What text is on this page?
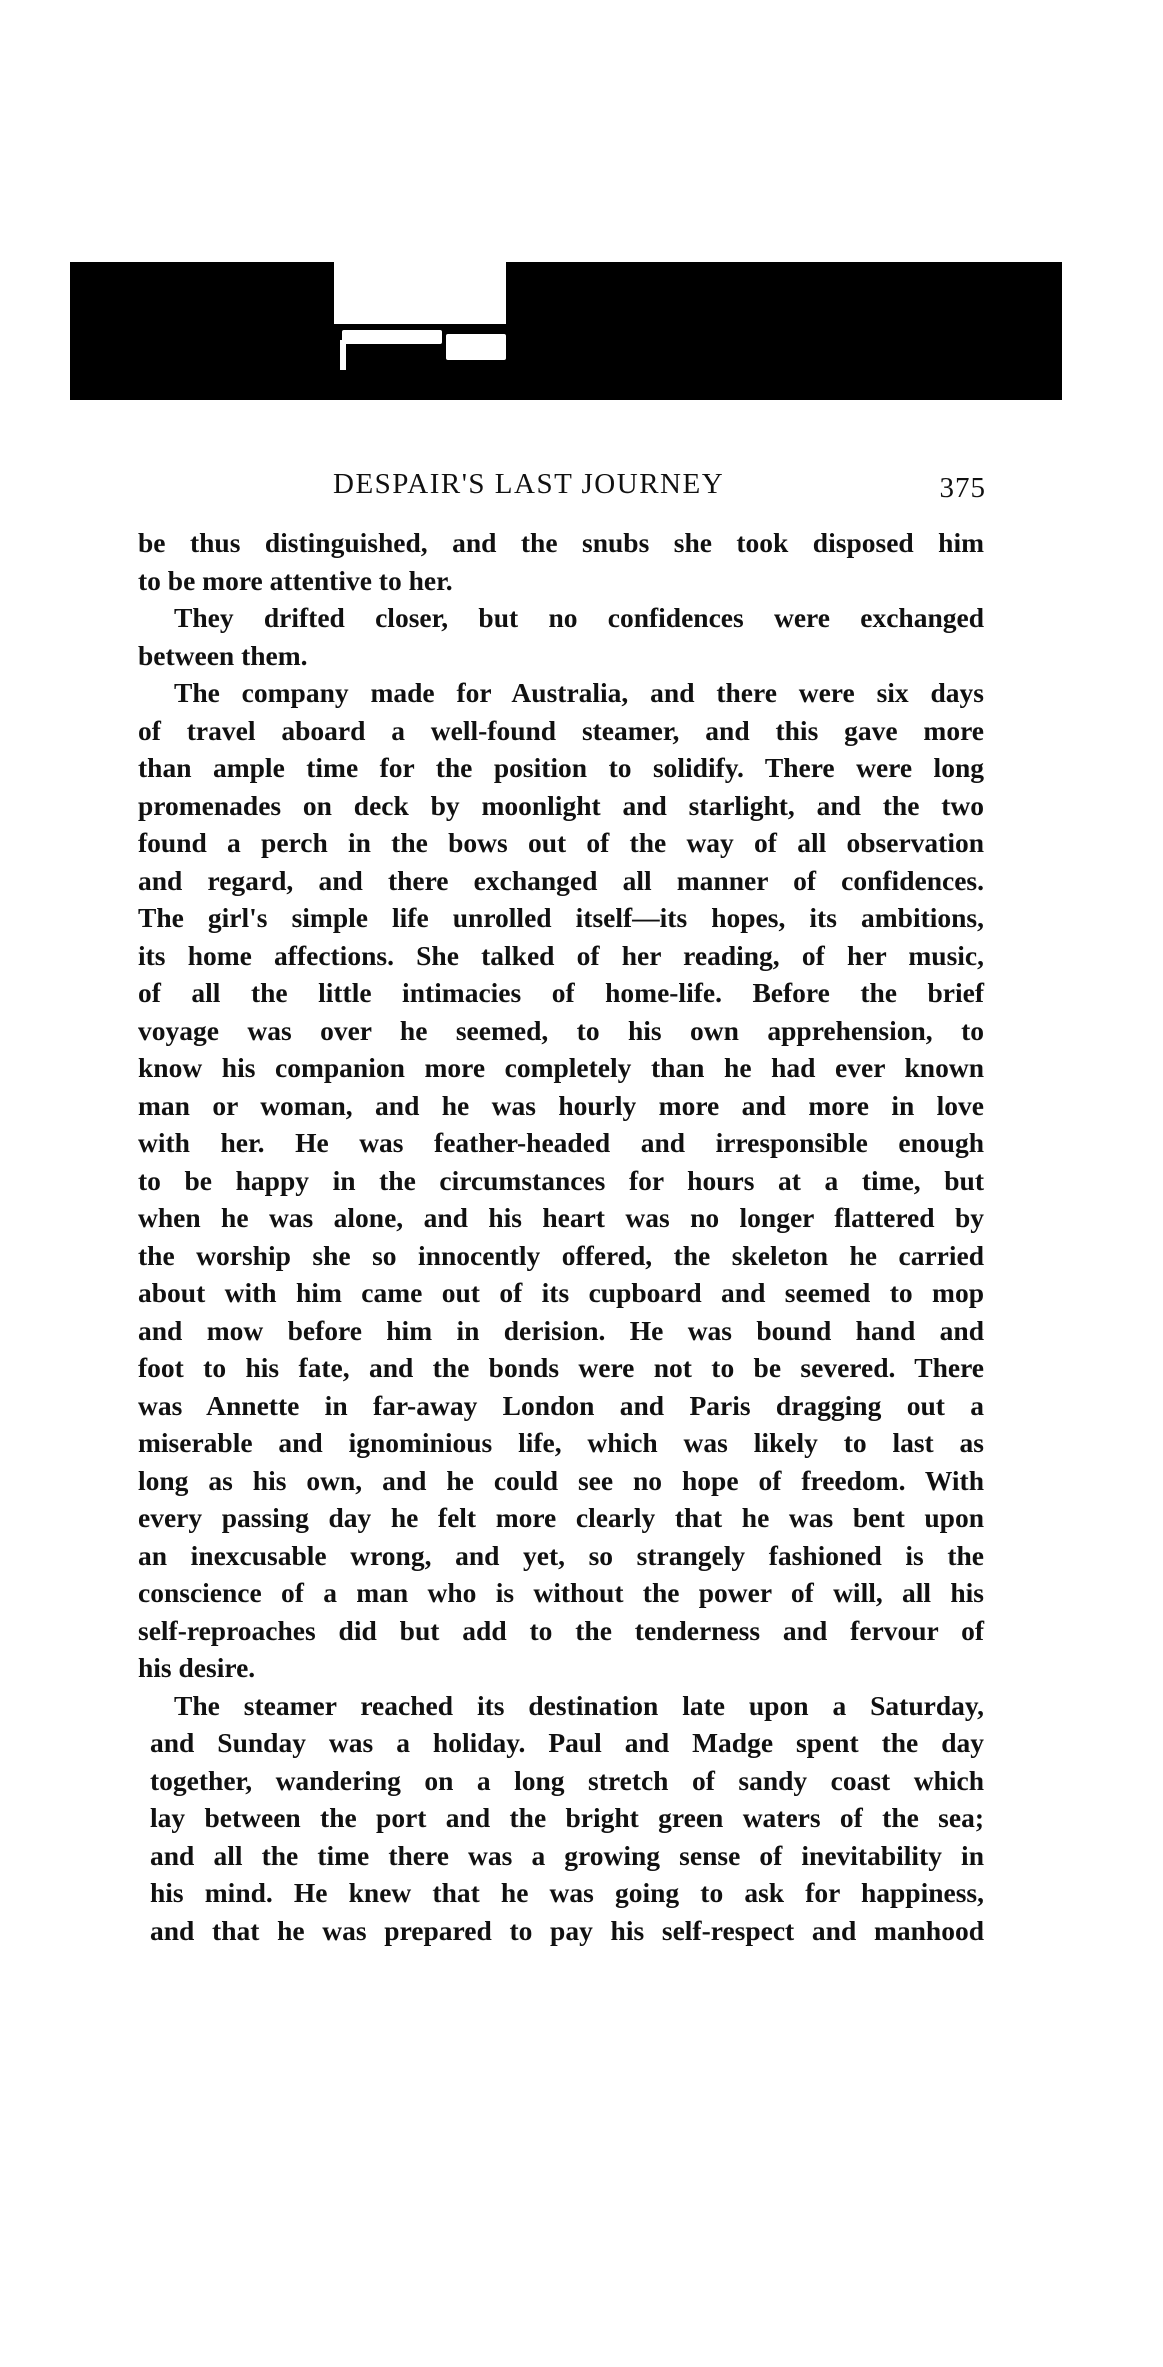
DESPAIR'S LAST JOURNEY	375
be thus distinguished, and the snubs she took disposed him
to be more attentive to her.
They drifted closer, but no confidences were exchanged
between them.
The company made for Australia, and there were six days
of travel aboard a well-found steamer, and this gave more
than ample time for the position to solidify. There were long
promenades on deck by moonlight and starlight, and the two
found a perch in the bows out of the way of all observation
and regard, and there exchanged all manner of confidences.
The girl's simple life unrolled itself—its hopes, its ambitions,
its home affections. She talked of her reading, of her music,
of all the little intimacies of home-life. Before the brief
voyage was over he seemed, to his own apprehension, to
know his companion more completely than he had ever known
man or woman, and he was hourly more and more in love
with her. He was feather-headed and irresponsible enough
to be happy in the circumstances for hours at a time, but
when he was alone, and his heart was no longer flattered by
the worship she so innocently offered, the skeleton he carried
about with him came out of its cupboard and seemed to mop
and mow before him in derision. He was bound hand and
foot to his fate, and the bonds were not to be severed. There
was Annette in far-away London and Paris dragging out a
miserable and ignominious life, which was likely to last as
long as his own, and he could see no hope of freedom. With
every passing day he felt more clearly that he was bent upon
an inexcusable wrong, and yet, so strangely fashioned is the
conscience of a man who is without the power of will, all his
self-reproaches did but add to the tenderness and fervour of
his desire.
The steamer reached its destination late upon a Saturday,
and Sunday was a holiday. Paul and Madge spent the day
together, wandering on a long stretch of sandy coast which
lay between the port and the bright green waters of the sea;
and all the time there was a growing sense of inevitability in
his mind. He knew that he was going to ask for happiness,
and that he was prepared to pay his self-respect and manhood
